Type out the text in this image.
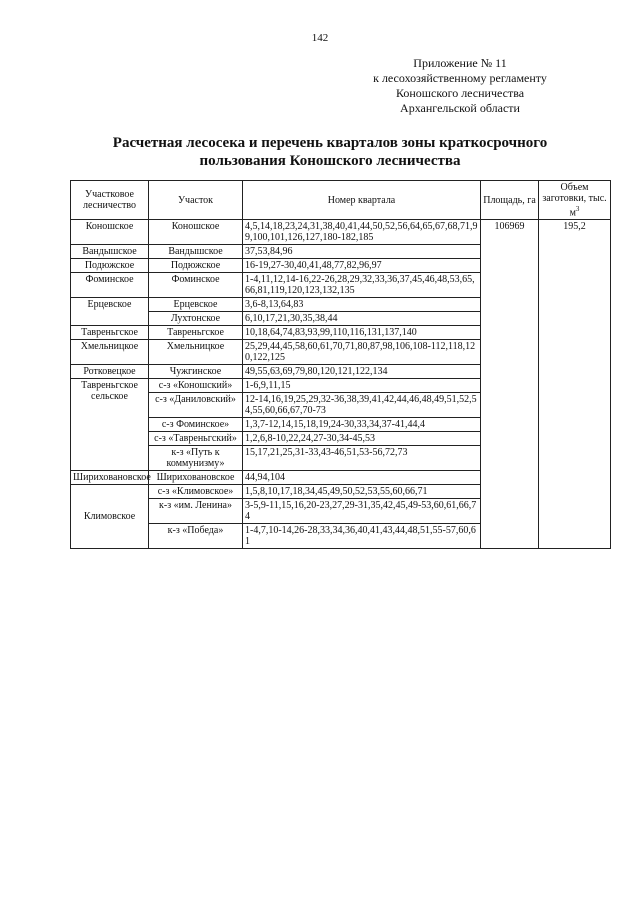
142
Приложение № 11
к лесохозяйственному регламенту
Коношского лесничества
Архангельской области
Расчетная лесосека и перечень кварталов зоны краткосрочного
пользования Коношского лесничества
Участковое лесничество	Участок	Номер квартала	Площадь, га	Объем заготовки, тыс. $м^3$
Коношское	Коношское	4,5,14,18,23,24,31,38,40,41,44,50,52,56,64,65,67,68,71,99,100,101,126,127,180-182,185	106969	195,2
Вандышское	Вандышское	37,53,84,96		
Подюжское	Подюжское	16-19,27-30,40,41,48,77,82,96,97		
Фоминское	Фоминское	1-4,11,12,14-16,22-26,28,29,32,33,36,37,45,46,48,53,65,66,81,119,120,123,132,135		
Ерцевское	Ерцевское	3,6-8,13,64,83		
	Лухтонское	6,10,17,21,30,35,38,44		
Тавреньгское	Тавреньгское	10,18,64,74,83,93,99,110,116,131,137,140		
Хмельницкое	Хмельницкое	25,29,44,45,58,60,61,70,71,80,87,98,106,108-112,118,120,122,125		
Ротковецкое	Чужгинское	49,55,63,69,79,80,120,121,122,134		
Тавреньгское сельское	с-з «Коношский»	1-6,9,11,15		
	с-з «Даниловский»	12-14,16,19,25,29,32-36,38,39,41,42,44,46,48,49,51,52,54,55,60,66,67,70-73		
	с-з Фоминское»	1,3,7-12,14,15,18,19,24-30,33,34,37-41,44,4		
	с-з «Тавреньгский»	1,2,6,8-10,22,24,27-30,34-45,53		
	к-з «Путь к коммунизму»	15,17,21,25,31-33,43-46,51,53-56,72,73		
Шириховановское	Шириховановское	44,94,104		
Климовское	с-з «Климовское»	1,5,8,10,17,18,34,45,49,50,52,53,55,60,66,71		
	к-з «им. Ленина»	3-5,9-11,15,16,20-23,27,29-31,35,42,45,49-53,60,61,66,74		
	к-з «Победа»	1-4,7,10-14,26-28,33,34,36,40,41,43,44,48,51,55-57,60,61		
